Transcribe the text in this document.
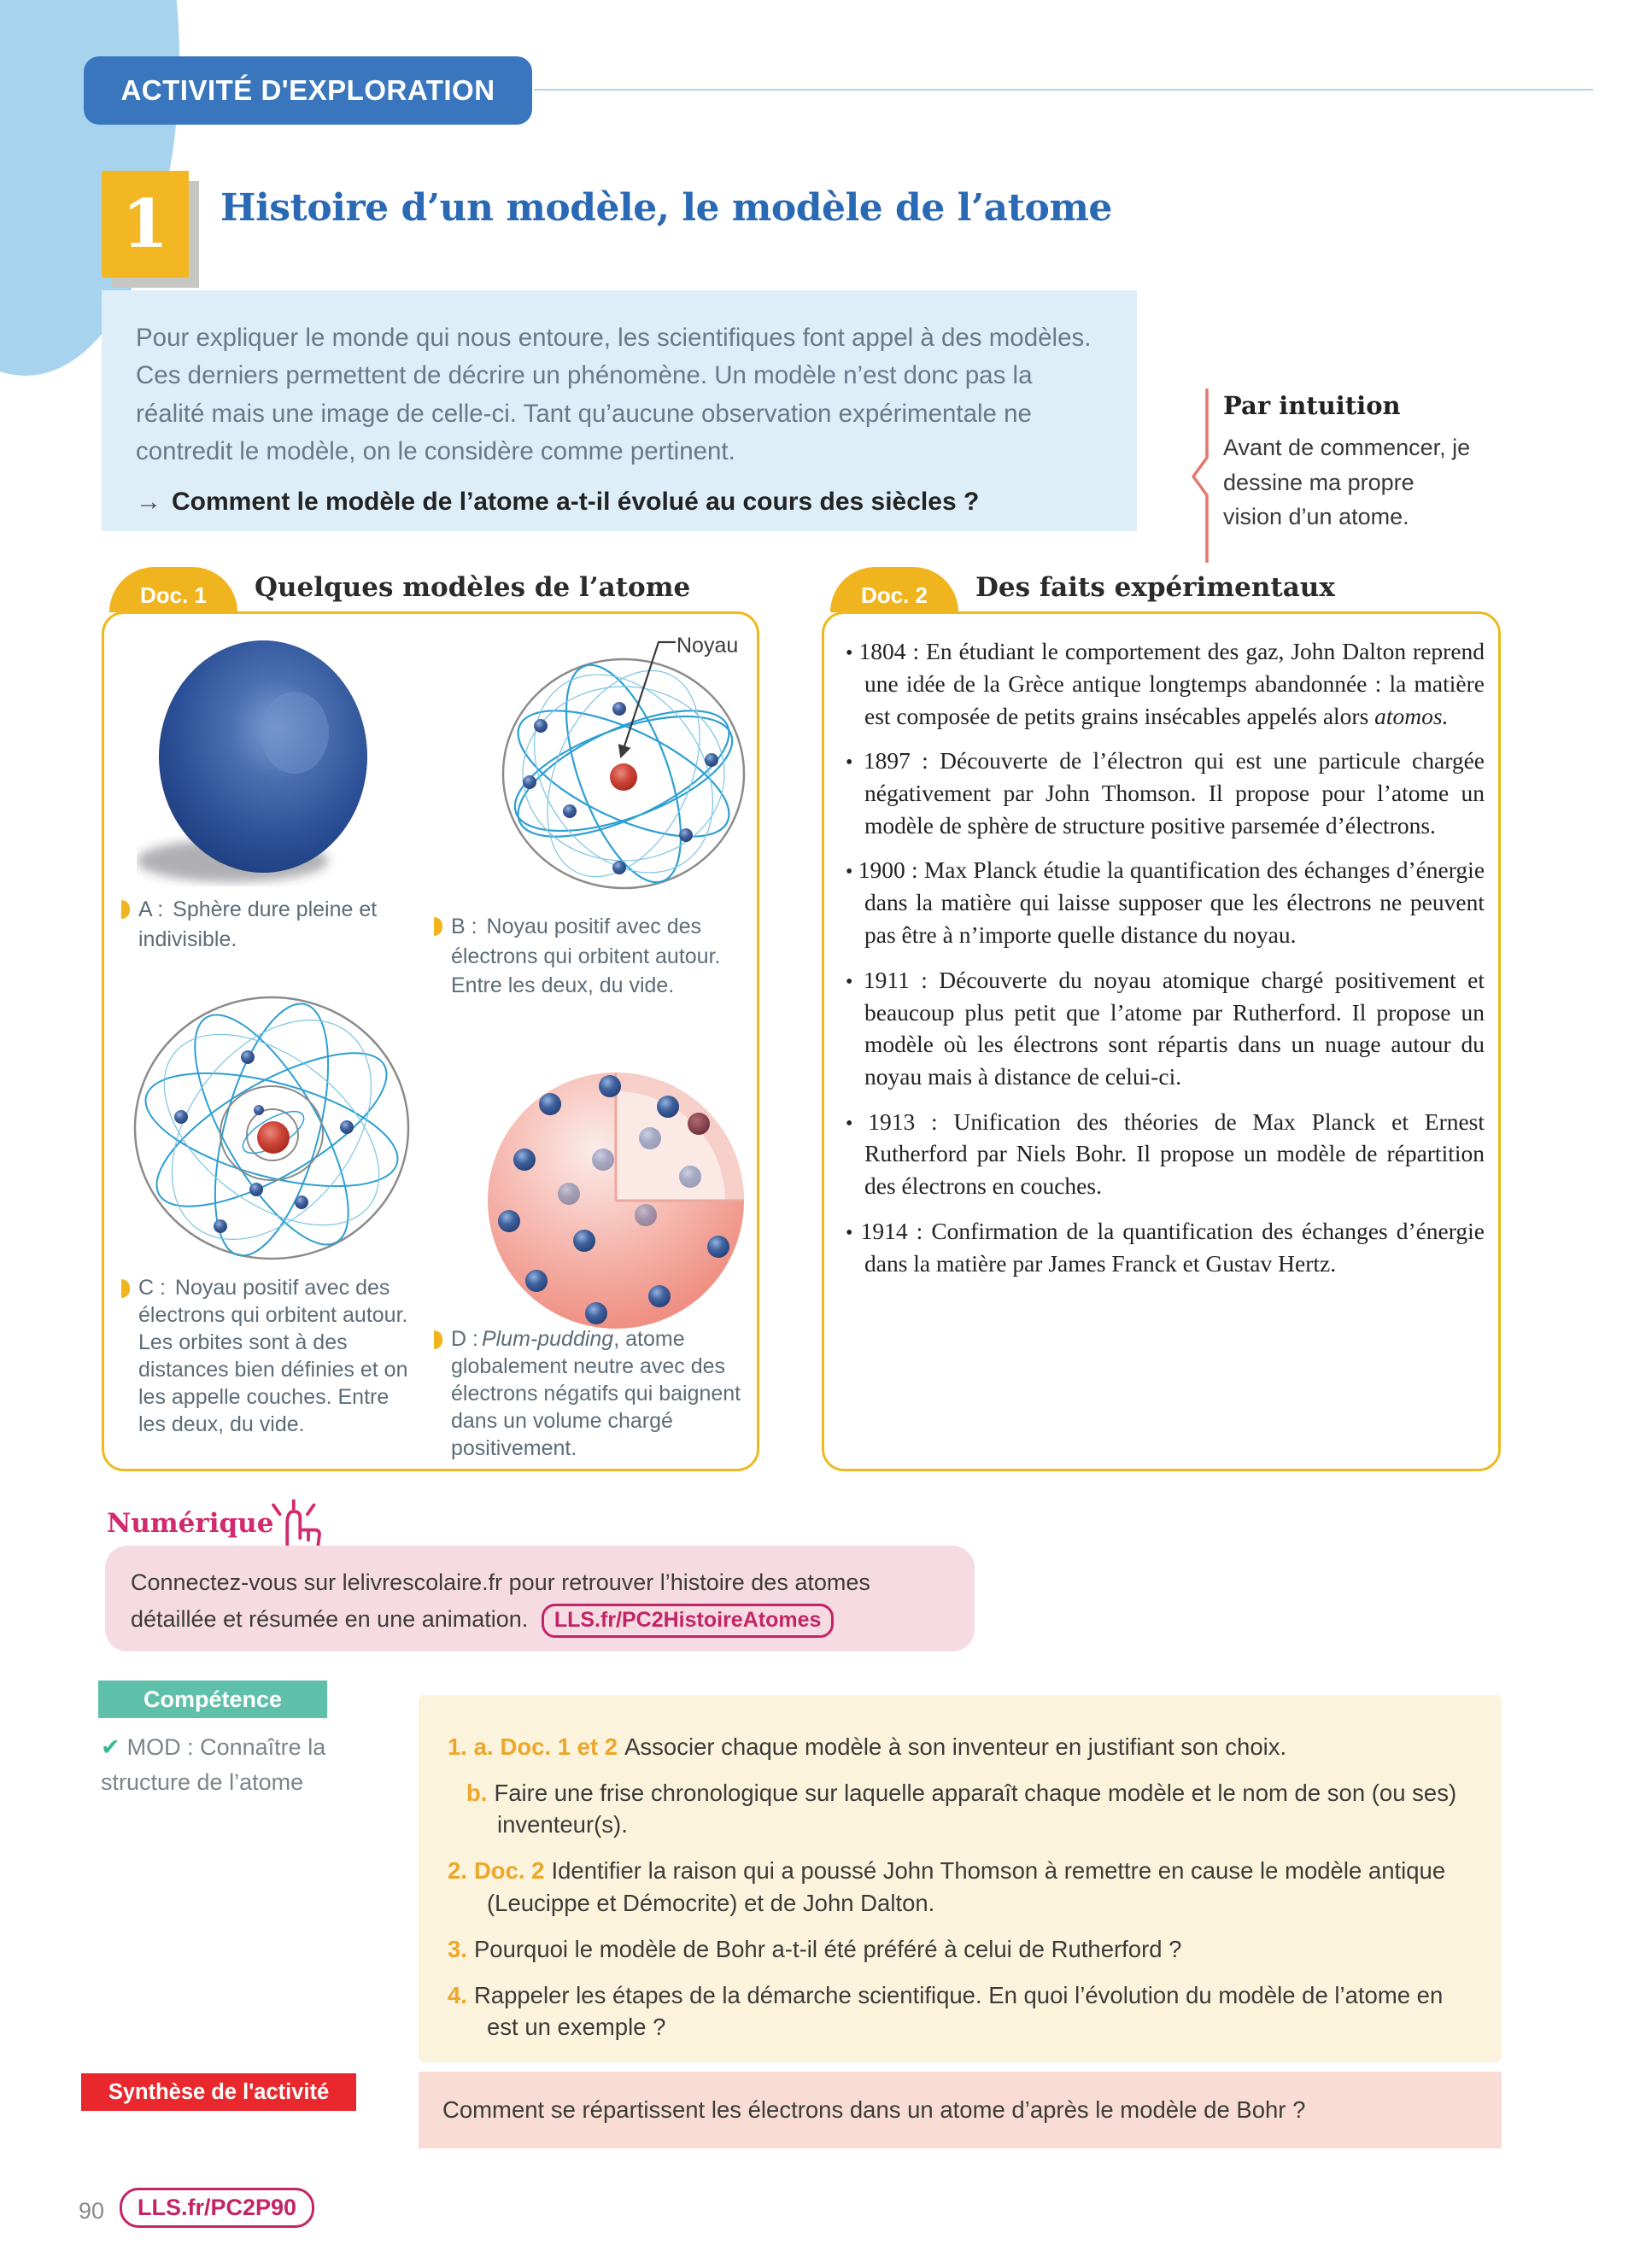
ACTIVITÉ D'EXPLORATION
1 Histoire d’un modèle, le modèle de l’atome
Pour expliquer le monde qui nous entoure, les scientifiques font appel à des modèles. Ces derniers permettent de décrire un phénomène. Un modèle n’est donc pas la réalité mais une image de celle-ci. Tant qu’aucune observation expérimentale ne contredit le modèle, on le considère comme pertinent.
→ Comment le modèle de l’atome a-t-il évolué au cours des siècles ?
Par intuition
Avant de commencer, je dessine ma propre vision d’un atome.
Doc. 1 Quelques modèles de l’atome
Noyau
A : Sphère dure pleine et indivisible.
B : Noyau positif avec des électrons qui orbitent autour. Entre les deux, du vide.
C : Noyau positif avec des électrons qui orbitent autour. Les orbites sont à des distances bien définies et on les appelle couches. Entre les deux, du vide.
D : Plum-pudding, atome globalement neutre avec des électrons négatifs qui baignent dans un volume chargé positivement.
Doc. 2 Des faits expérimentaux
• 1804 : En étudiant le comportement des gaz, John Dalton reprend une idée de la Grèce antique longtemps abandonnée : la matière est composée de petits grains insécables appelés alors atomos.
• 1897 : Découverte de l’électron qui est une particule chargée négativement par John Thomson. Il propose pour l’atome un modèle de sphère de structure positive parsemée d’électrons.
• 1900 : Max Planck étudie la quantification des échanges d’énergie dans la matière qui laisse supposer que les électrons ne peuvent pas être à n’importe quelle distance du noyau.
• 1911 : Découverte du noyau atomique chargé positivement et beaucoup plus petit que l’atome par Rutherford. Il propose un modèle où les électrons sont répartis dans un nuage autour du noyau mais à distance de celui-ci.
• 1913 : Unification des théories de Max Planck et Ernest Rutherford par Niels Bohr. Il propose un modèle de répartition des électrons en couches.
• 1914 : Confirmation de la quantification des échanges d’énergie dans la matière par James Franck et Gustav Hertz.
Numérique
Connectez-vous sur lelivrescolaire.fr pour retrouver l’histoire des atomes détaillée et résumée en une animation. LLS.fr/PC2HistoireAtomes
Compétence
✔ MOD : Connaître la structure de l’atome
1. a. Doc. 1 et 2 Associer chaque modèle à son inventeur en justifiant son choix.
b. Faire une frise chronologique sur laquelle apparaît chaque modèle et le nom de son (ou ses) inventeur(s).
2. Doc. 2 Identifier la raison qui a poussé John Thomson à remettre en cause le modèle antique (Leucippe et Démocrite) et de John Dalton.
3. Pourquoi le modèle de Bohr a-t-il été préféré à celui de Rutherford ?
4. Rappeler les étapes de la démarche scientifique. En quoi l’évolution du modèle de l’atome en est un exemple ?
Comment se répartissent les électrons dans un atome d’après le modèle de Bohr ?
Synthèse de l'activité
90	LLS.fr/PC2P90
